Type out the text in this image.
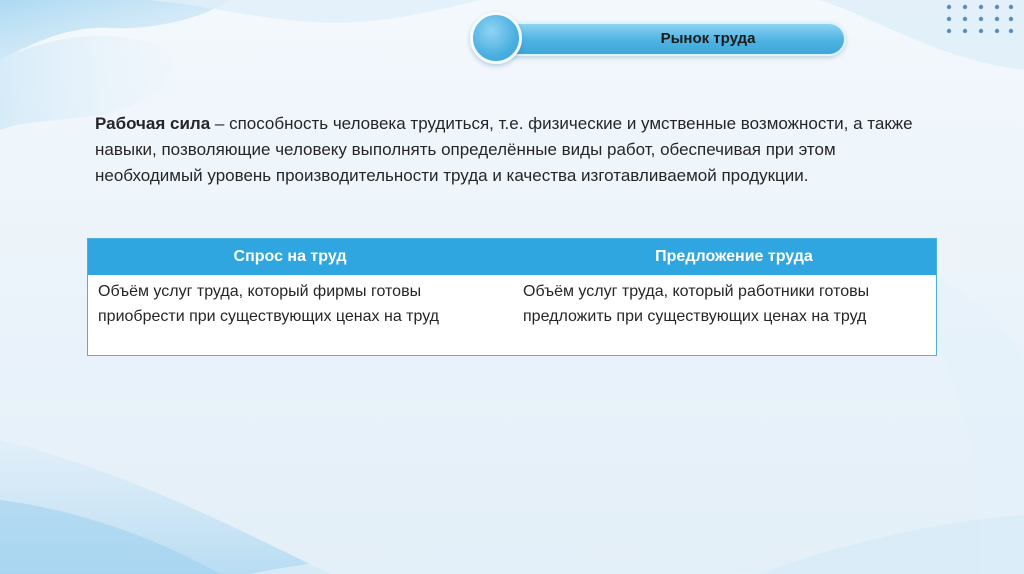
Рынок труда
Рабочая сила – способность человека трудиться, т.е. физические и умственные возможности, а также навыки, позволяющие человеку выполнять определённые виды работ, обеспечивая при этом необходимый уровень производительности труда и качества изготавливаемой продукции.
Спрос на труд	Предложение труда
Объём услуг труда, который фирмы готовы приобрести при существующих ценах на труд
Объём услуг труда, который работники готовы предложить при существующих ценах на труд
